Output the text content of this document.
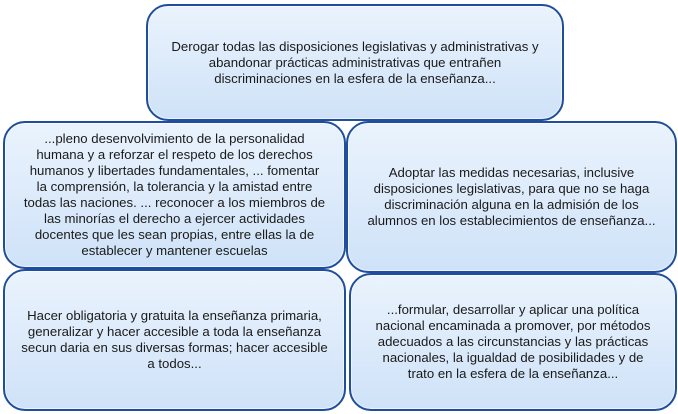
Derogar todas las disposiciones legislativas y administrativas y
abandonar prácticas administrativas que entrañen
discriminaciones en la esfera de la enseñanza...
...pleno desenvolvimiento de la personalidad
humana y a reforzar el respeto de los derechos
humanos y libertades fundamentales, ... fomentar
la comprensión, la tolerancia y la amistad entre
todas las naciones. ... reconocer a los miembros de
las minorías el derecho a ejercer actividades
docentes que les sean propias, entre ellas la de
establecer y mantener escuelas
Adoptar las medidas necesarias, inclusive
disposiciones legislativas, para que no se haga
discriminación alguna en la admisión de los
alumnos en los establecimientos de enseñanza...
Hacer obligatoria y gratuita la enseñanza primaria,
generalizar y hacer accesible a toda la enseñanza
secun daria en sus diversas formas; hacer accesible
a todos...
...formular, desarrollar y aplicar una política
nacional encaminada a promover, por métodos
adecuados a las circunstancias y las prácticas
nacionales, la igualdad de posibilidades y de
trato en la esfera de la enseñanza...
